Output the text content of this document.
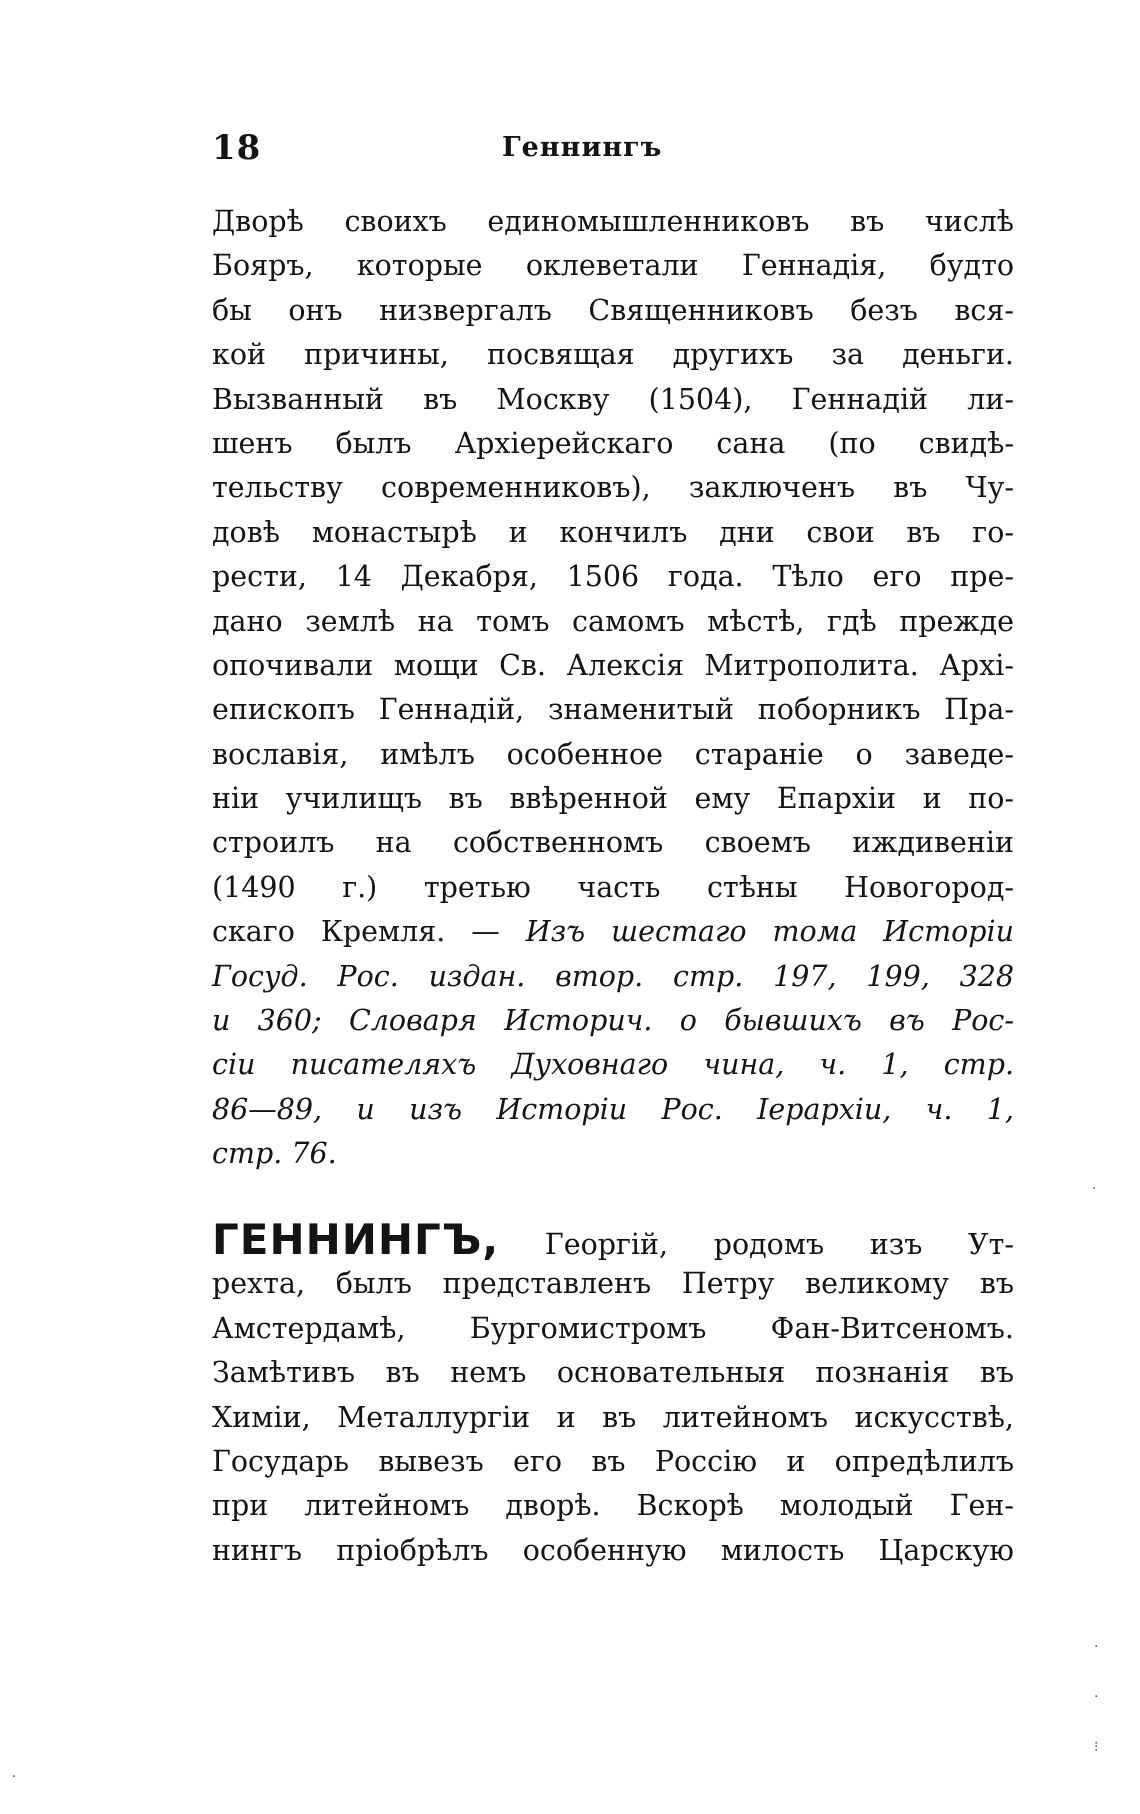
18	Геннингъ
Дворѣ своихъ единомышленниковъ въ числѣ
Бояръ, которые оклеветали Геннадія, будто
бы онъ низвергалъ Священниковъ безъ вся-
кой причины, посвящая другихъ за деньги.
Вызванный въ Москву (1504), Геннадій ли-
шенъ былъ Архіерейскаго сана (по свидѣ-
тельству современниковъ), заключенъ въ Чу-
довѣ монастырѣ и кончилъ дни свои въ го-
рести, 14 Декабря, 1506 года. Тѣло его пре-
дано землѣ на томъ самомъ мѣстѣ, гдѣ прежде
опочивали мощи Св. Алексія Митрополита. Архі-
епископъ Геннадій, знаменитый поборникъ Пра-
вославія, имѣлъ особенное стараніе о заведе-
ніи училищъ въ ввѣренной ему Епархіи и по-
строилъ на собственномъ своемъ иждивеніи
(1490 г.) третью часть стѣны Новогород-
скаго Кремля. — Изъ шестаго тома Исторіи
Госуд. Рос. издан. втор. стр. 197, 199, 328
и 360; Словаря Историч. о бывшихъ въ Рос-
сіи писателяхъ Духовнаго чина, ч. 1, стр.
86—89, и изъ Исторіи Рос. Іерархіи, ч. 1,
стр. 76.
ГЕННИНГЪ, Георгій, родомъ изъ Ут-
рехта, былъ представленъ Петру великому въ
Амстердамѣ, Бургомистромъ Фан-Витсеномъ.
Замѣтивъ въ немъ основательныя познанія въ
Химіи, Металлургіи и въ литейномъ искусствѣ,
Государь вывезъ его въ Россію и опредѣлилъ
при литейномъ дворѣ. Вскорѣ молодый Ген-
нингъ пріобрѣлъ особенную милость Царскую
·
·
·
⁝
·
